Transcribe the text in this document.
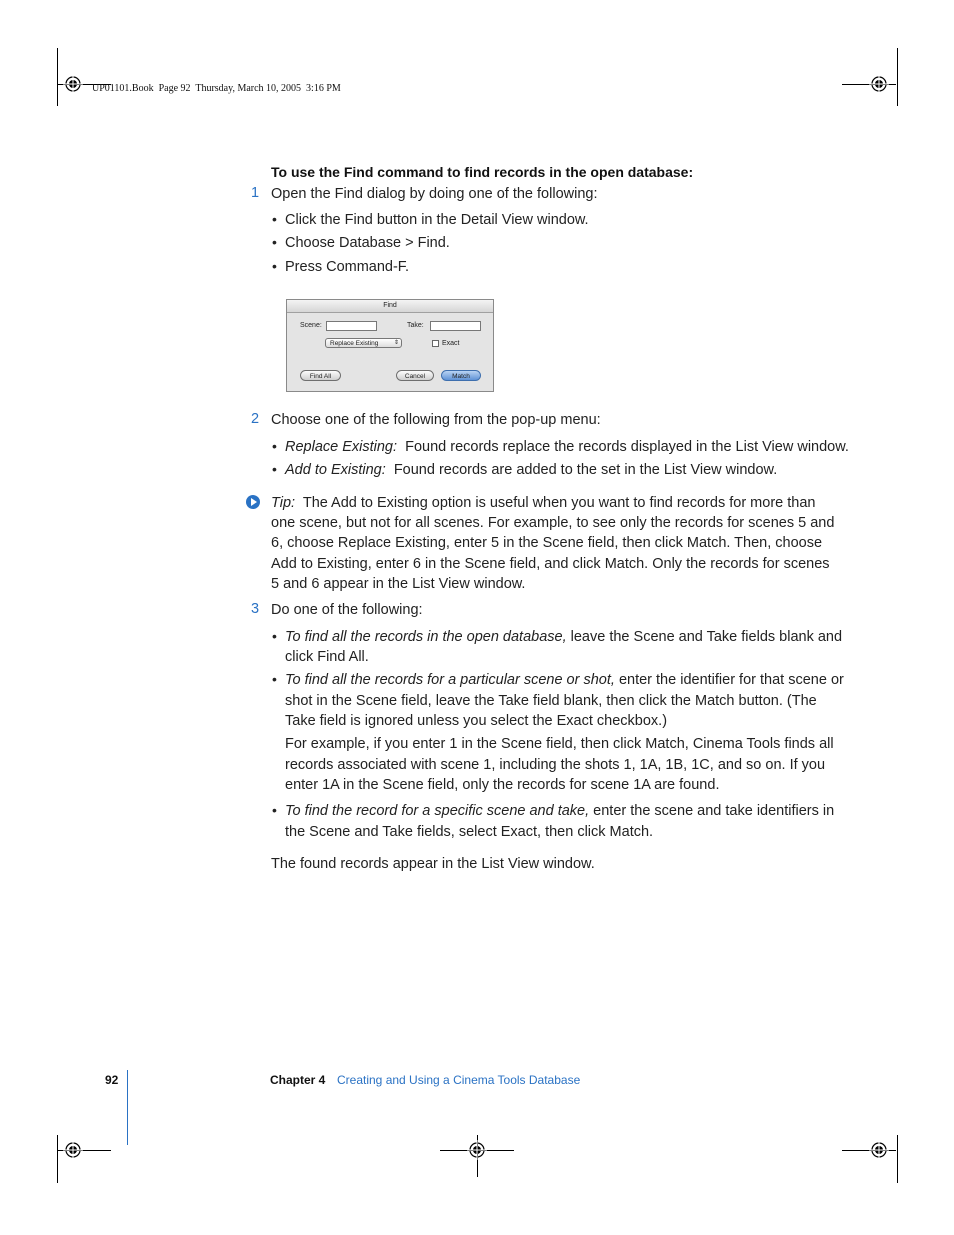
UP01101.Book  Page 92  Thursday, March 10, 2005  3:16 PM
To use the Find command to find records in the open database:
1 Open the Find dialog by doing one of the following:
• Click the Find button in the Detail View window.
• Choose Database > Find.
• Press Command-F.
Find
Scene:	Take:
Replace Existing	⇕	Exact
Find All	Cancel	Match
2 Choose one of the following from the pop-up menu:
• Replace Existing: Found records replace the records displayed in the List View window.
• Add to Existing: Found records are added to the set in the List View window.
Tip: The Add to Existing option is useful when you want to find records for more than
one scene, but not for all scenes. For example, to see only the records for scenes 5 and
6, choose Replace Existing, enter 5 in the Scene field, then click Match. Then, choose
Add to Existing, enter 6 in the Scene field, and click Match. Only the records for scenes
5 and 6 appear in the List View window.
3 Do one of the following:
• To find all the records in the open database, leave the Scene and Take fields blank and
click Find All.
• To find all the records for a particular scene or shot, enter the identifier for that scene or
shot in the Scene field, leave the Take field blank, then click the Match button. (The
Take field is ignored unless you select the Exact checkbox.)
For example, if you enter 1 in the Scene field, then click Match, Cinema Tools finds all
records associated with scene 1, including the shots 1, 1A, 1B, 1C, and so on. If you
enter 1A in the Scene field, only the records for scene 1A are found.
• To find the record for a specific scene and take, enter the scene and take identifiers in
the Scene and Take fields, select Exact, then click Match.
The found records appear in the List View window.
92	Chapter 4 Creating and Using a Cinema Tools Database
